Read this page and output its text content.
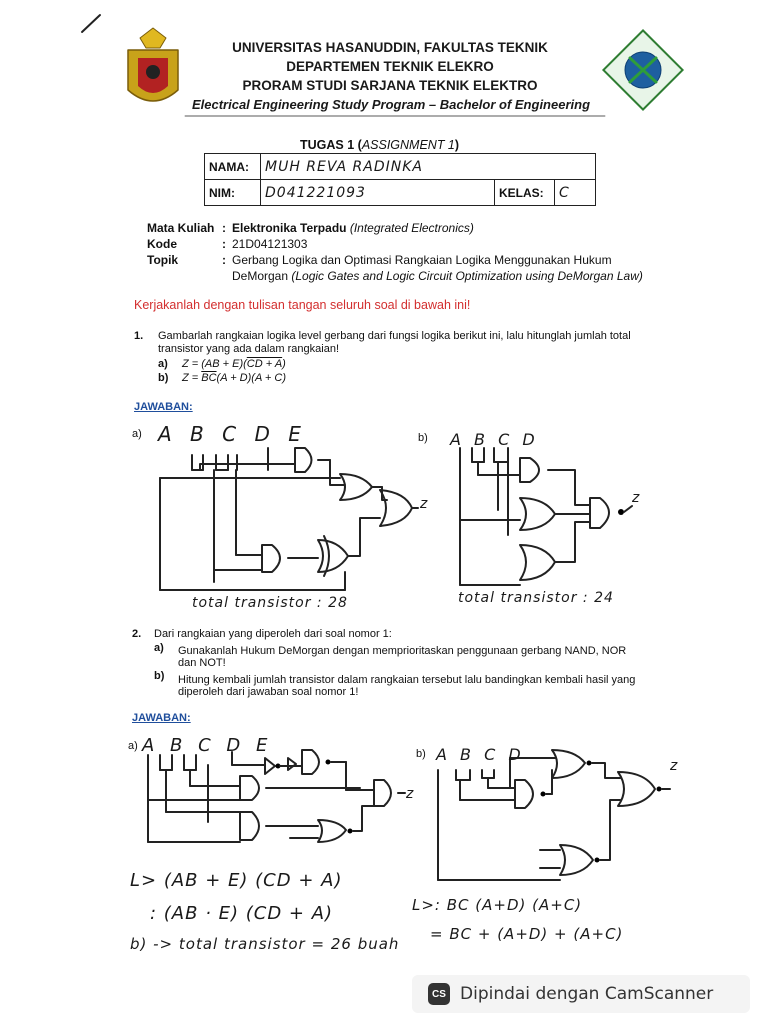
UNIVERSITAS HASANUDDIN, FAKULTAS TEKNIK
DEPARTEMEN TEKNIK ELEKRO
PRORAM STUDI SARJANA TEKNIK ELEKTRO
Electrical Engineering Study Program – Bachelor of Engineering
TUGAS 1 (ASSIGNMENT 1)
NAMA:	MUH REVA RADINKA		
NIM:	D041221093	KELAS:	C
Mata Kuliah : Elektronika Terpadu (Integrated Electronics)
Kode	: 21D04121303
Topik	: Gerbang Logika dan Optimasi Rangkaian Logika Menggunakan Hukum
DeMorgan (Logic Gates and Logic Circuit Optimization using DeMorgan Law)
Kerjakanlah dengan tulisan tangan seluruh soal di bawah ini!
1. Gambarlah rangkaian logika level gerbang dari fungsi logika berikut ini, lalu hitunglah jumlah total
transistor yang ada dalam rangkaian!
a) Z = (AB + E)(CD + A)
b) $Z = \overline{BC}(A + D)(A + C)$
JAWABAN:
a) A B C D E
z
total transistor : 28
b) A B C D
z
total transistor : 24
2. Dari rangkaian yang diperoleh dari soal nomor 1:
a) Gunakanlah Hukum DeMorgan dengan memprioritaskan penggunaan gerbang NAND, NOR
dan NOT!
b) Hitung kembali jumlah transistor dalam rangkaian tersebut lalu bandingkan kembali hasil yang
diperoleh dari jawaban soal nomor 1!
JAWABAN:
a) A B C D E
z
b) A B C D
z
L> (AB + E) (CD + A)
: (AB · E) (CD + A)
b) -> total transistor = 26 buah
L>: BC (A+D) (A+C)
= BC + (A+D) + (A+C)
CS Dipindai dengan CamScanner
